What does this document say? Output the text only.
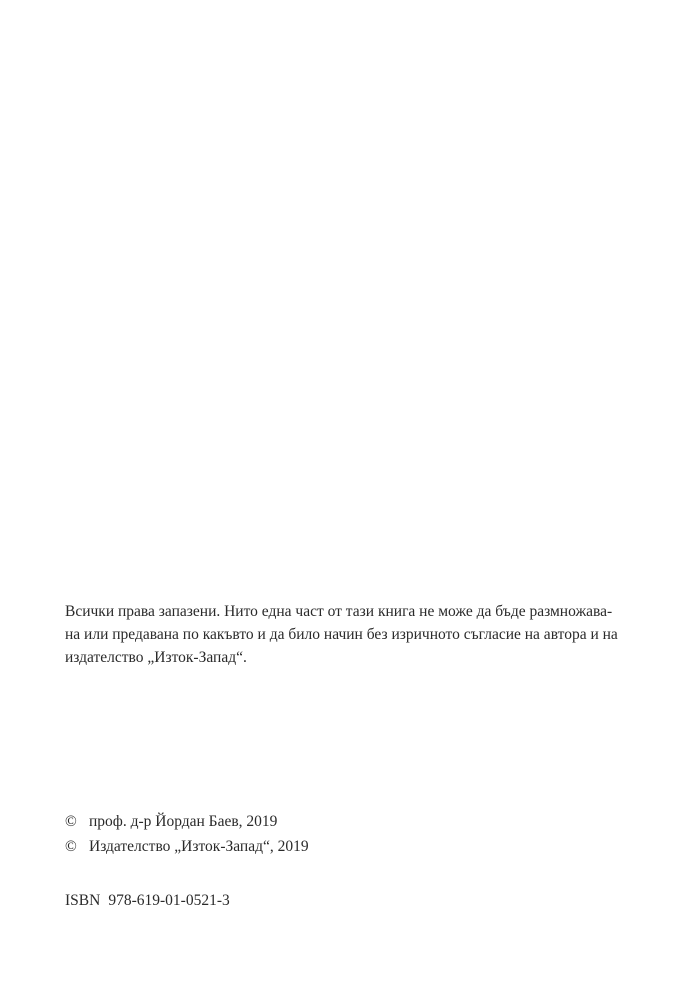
Всички права запазени. Нито една част от тази книга не може да бъде размножава-
на или предавана по какъвто и да било начин без изричното съгласие на автора и на
издателство „Изток-Запад“.

© проф. д-р Йордан Баев, 2019
© Издателство „Изток-Запад“, 2019
ISBN 978-619-01-0521-3
